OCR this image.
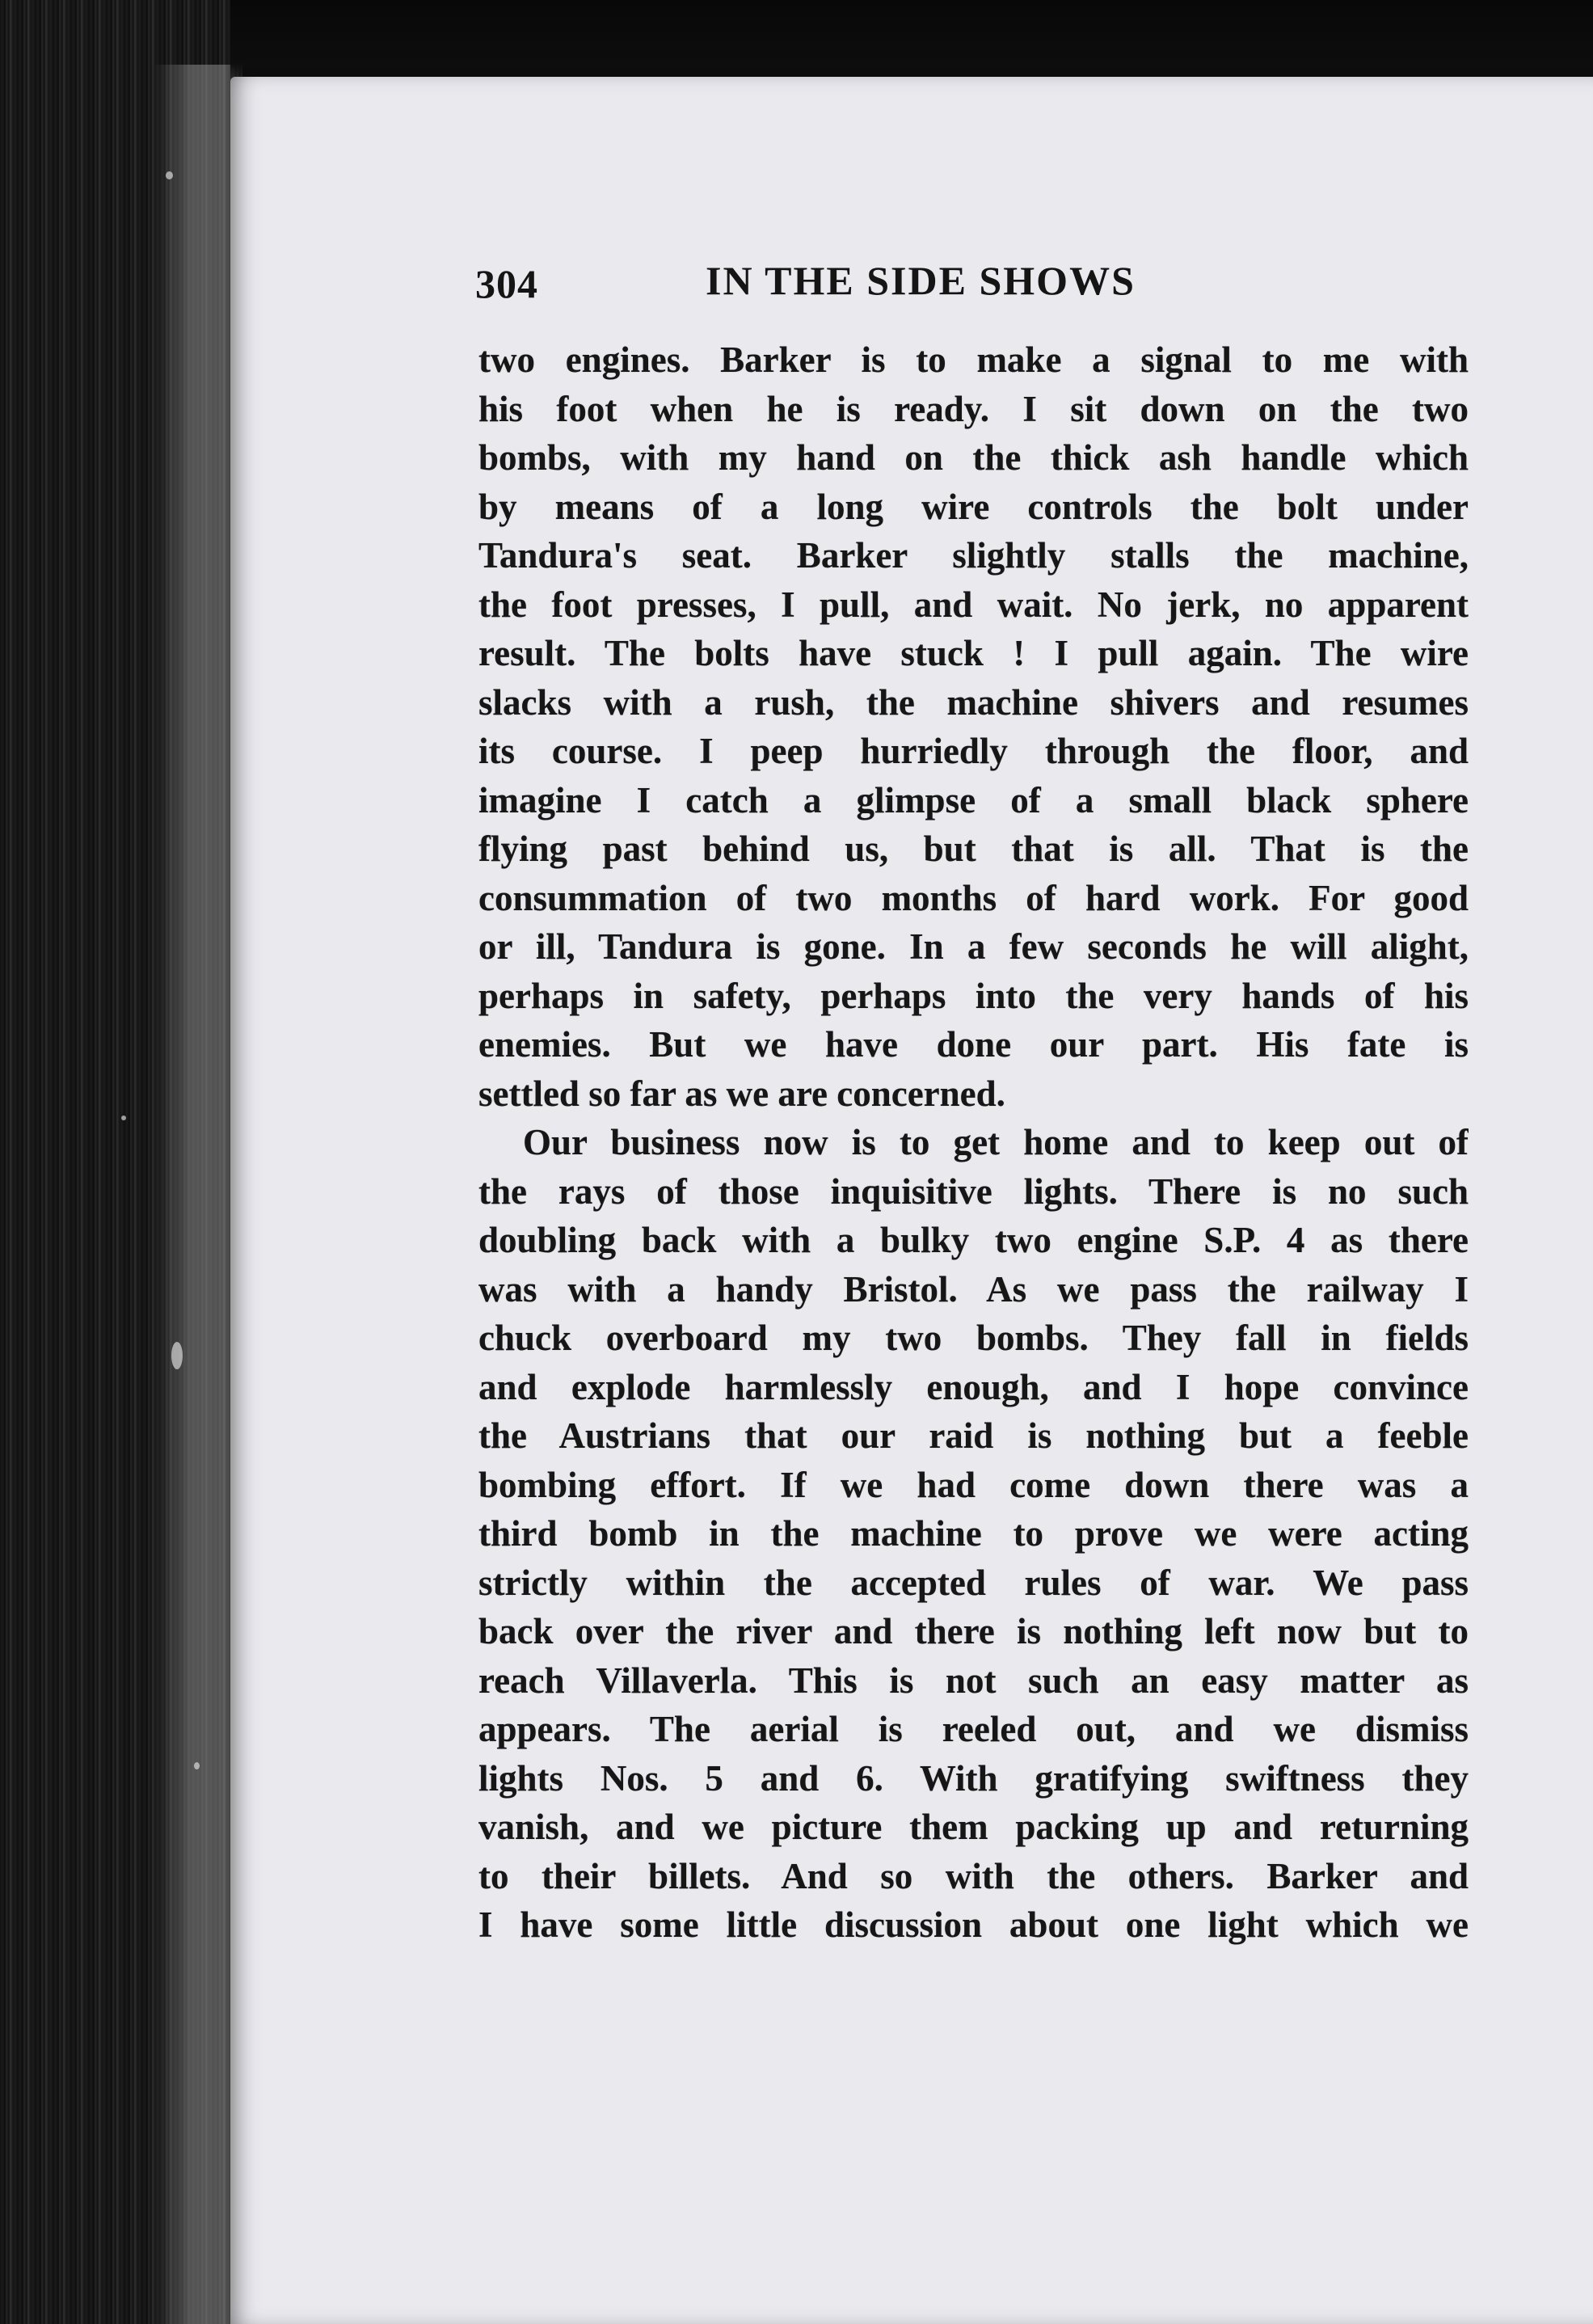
304	IN THE SIDE SHOWS
two engines. Barker is to make a signal to me with
his foot when he is ready. I sit down on the two
bombs, with my hand on the thick ash handle which
by means of a long wire controls the bolt under
Tandura's seat. Barker slightly stalls the machine,
the foot presses, I pull, and wait. No jerk, no apparent
result. The bolts have stuck ! I pull again. The wire
slacks with a rush, the machine shivers and resumes
its course. I peep hurriedly through the floor, and
imagine I catch a glimpse of a small black sphere
flying past behind us, but that is all. That is the
consummation of two months of hard work. For good
or ill, Tandura is gone. In a few seconds he will alight,
perhaps in safety, perhaps into the very hands of his
enemies. But we have done our part. His fate is
settled so far as we are concerned.
Our business now is to get home and to keep out of
the rays of those inquisitive lights. There is no such
doubling back with a bulky two engine S.P. 4 as there
was with a handy Bristol. As we pass the railway I
chuck overboard my two bombs. They fall in fields
and explode harmlessly enough, and I hope convince
the Austrians that our raid is nothing but a feeble
bombing effort. If we had come down there was a
third bomb in the machine to prove we were acting
strictly within the accepted rules of war. We pass
back over the river and there is nothing left now but to
reach Villaverla. This is not such an easy matter as
appears. The aerial is reeled out, and we dismiss
lights Nos. 5 and 6. With gratifying swiftness they
vanish, and we picture them packing up and returning
to their billets. And so with the others. Barker and
I have some little discussion about one light which we
